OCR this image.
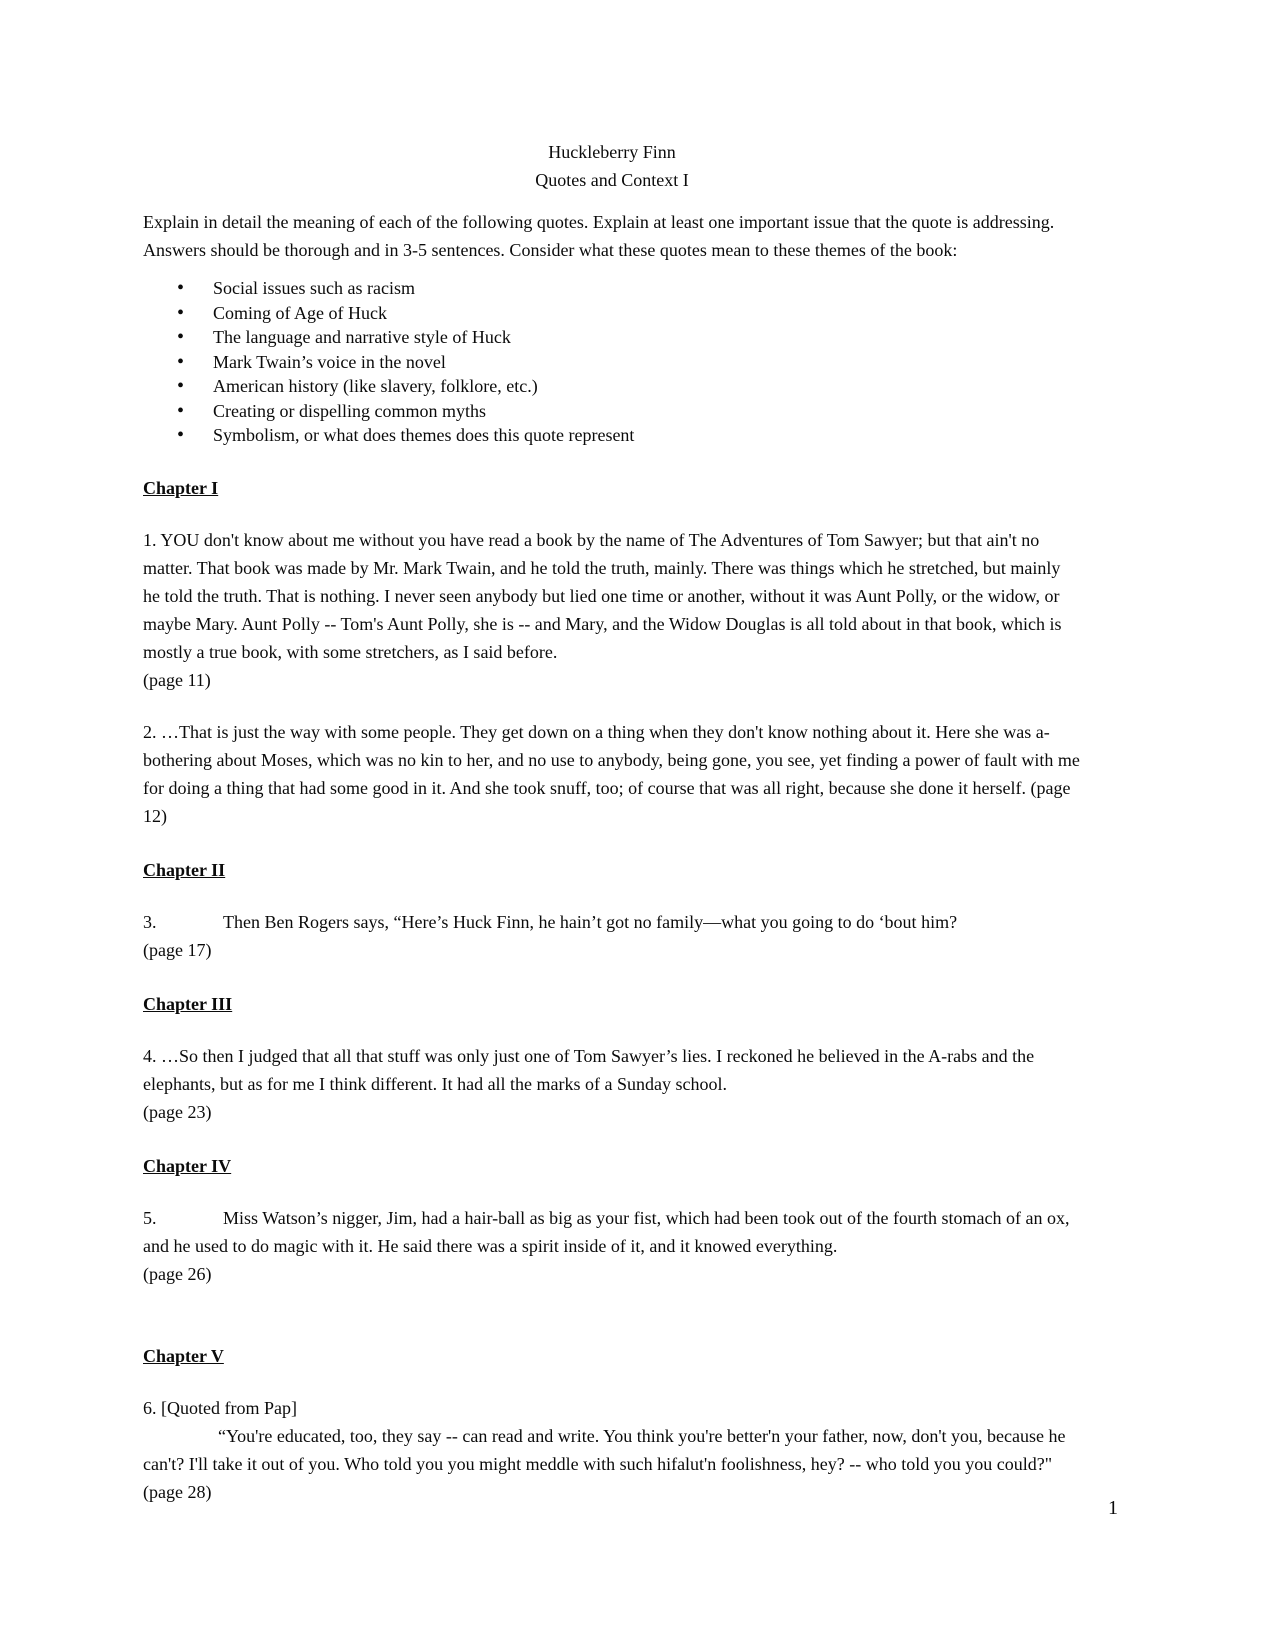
Huckleberry Finn
Quotes and Context I

Explain in detail the meaning of each of the following quotes. Explain at least one important issue that the quote is addressing. Answers should be thorough and in 3-5 sentences. Consider what these quotes mean to these themes of the book:

• Social issues such as racism
• Coming of Age of Huck
• The language and narrative style of Huck
• Mark Twain’s voice in the novel
• American history (like slavery, folklore, etc.)
• Creating or dispelling common myths
• Symbolism, or what does themes does this quote represent

Chapter I

1. YOU don't know about me without you have read a book by the name of The Adventures of Tom Sawyer; but that ain't no matter. That book was made by Mr. Mark Twain, and he told the truth, mainly. There was things which he stretched, but mainly he told the truth. That is nothing. I never seen anybody but lied one time or another, without it was Aunt Polly, or the widow, or maybe Mary. Aunt Polly -- Tom's Aunt Polly, she is -- and Mary, and the Widow Douglas is all told about in that book, which is mostly a true book, with some stretchers, as I said before.
(page 11)

2. …That is just the way with some people. They get down on a thing when they don't know nothing about it. Here she was a-bothering about Moses, which was no kin to her, and no use to anybody, being gone, you see, yet finding a power of fault with me for doing a thing that had some good in it. And she took snuff, too; of course that was all right, because she done it herself. (page 12)

Chapter II

3.	Then Ben Rogers says, “Here’s Huck Finn, he hain’t got no family—what you going to do ‘bout him?
(page 17)

Chapter III

4. …So then I judged that all that stuff was only just one of Tom Sawyer’s lies. I reckoned he believed in the A-rabs and the elephants, but as for me I think different. It had all the marks of a Sunday school.
(page 23)

Chapter IV

5.	Miss Watson’s nigger, Jim, had a hair-ball as big as your fist, which had been took out of the fourth stomach of an ox, and he used to do magic with it. He said there was a spirit inside of it, and it knowed everything.
(page 26)

Chapter V

6. [Quoted from Pap]
“You're educated, too, they say -- can read and write. You think you're better'n your father, now, don't you, because he can't? I'll take it out of you. Who told you you might meddle with such hifalut'n foolishness, hey? -- who told you you could?"
(page 28)

1
